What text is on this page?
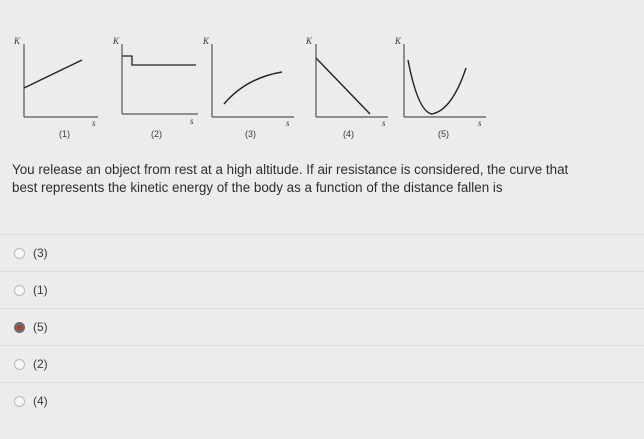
K
s
(1)
K
s
(2)
K
s
(3)
K
s
(4)
K
s
(5)
You release an object from rest at a high altitude. If air resistance is considered, the curve that
best represents the kinetic energy of the body as a function of the distance fallen is
(3)
(1)
(5)
(2)
(4)
